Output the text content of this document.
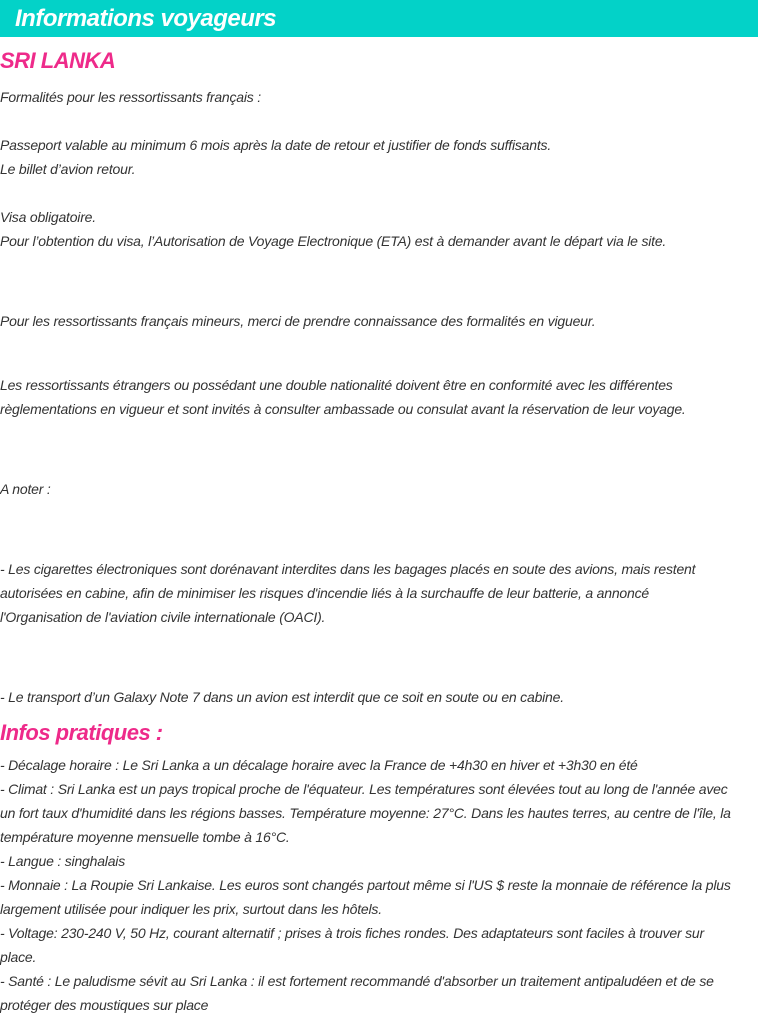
Informations voyageurs
SRI LANKA

Formalités pour les ressortissants français :

Passeport valable au minimum 6 mois après la date de retour et justifier de fonds suffisants.

Le billet d’avion retour.

Visa obligatoire.

Pour l’obtention du visa, l’Autorisation de Voyage Electronique (ETA) est à demander avant le départ via le site.

Pour les ressortissants français mineurs, merci de prendre connaissance des formalités en vigueur.

Les ressortissants étrangers ou possédant une double nationalité doivent être en conformité avec les différentes

règlementations en vigueur et sont invités à consulter ambassade ou consulat avant la réservation de leur voyage.

A noter :

- Les cigarettes électroniques sont dorénavant interdites dans les bagages placés en soute des avions, mais restent

autorisées en cabine, afin de minimiser les risques d'incendie liés à la surchauffe de leur batterie, a annoncé

l'Organisation de l'aviation civile internationale (OACI).

- Le transport d’un Galaxy Note 7 dans un avion est interdit que ce soit en soute ou en cabine.

Infos pratiques :

- Décalage horaire : Le Sri Lanka a un décalage horaire avec la France de +4h30 en hiver et +3h30 en été

- Climat : Sri Lanka est un pays tropical proche de l'équateur. Les températures sont élevées tout au long de l'année avec

un fort taux d'humidité dans les régions basses. Température moyenne: 27°C. Dans les hautes terres, au centre de l'île, la

température moyenne mensuelle tombe à 16°C.

- Langue : singhalais

- Monnaie : La Roupie Sri Lankaise. Les euros sont changés partout même si l'US $ reste la monnaie de référence la plus

largement utilisée pour indiquer les prix, surtout dans les hôtels.

- Voltage: 230-240 V, 50 Hz, courant alternatif ; prises à trois fiches rondes. Des adaptateurs sont faciles à trouver sur

place.

- Santé : Le paludisme sévit au Sri Lanka : il est fortement recommandé d'absorber un traitement antipaludéen et de se

protéger des moustiques sur place
